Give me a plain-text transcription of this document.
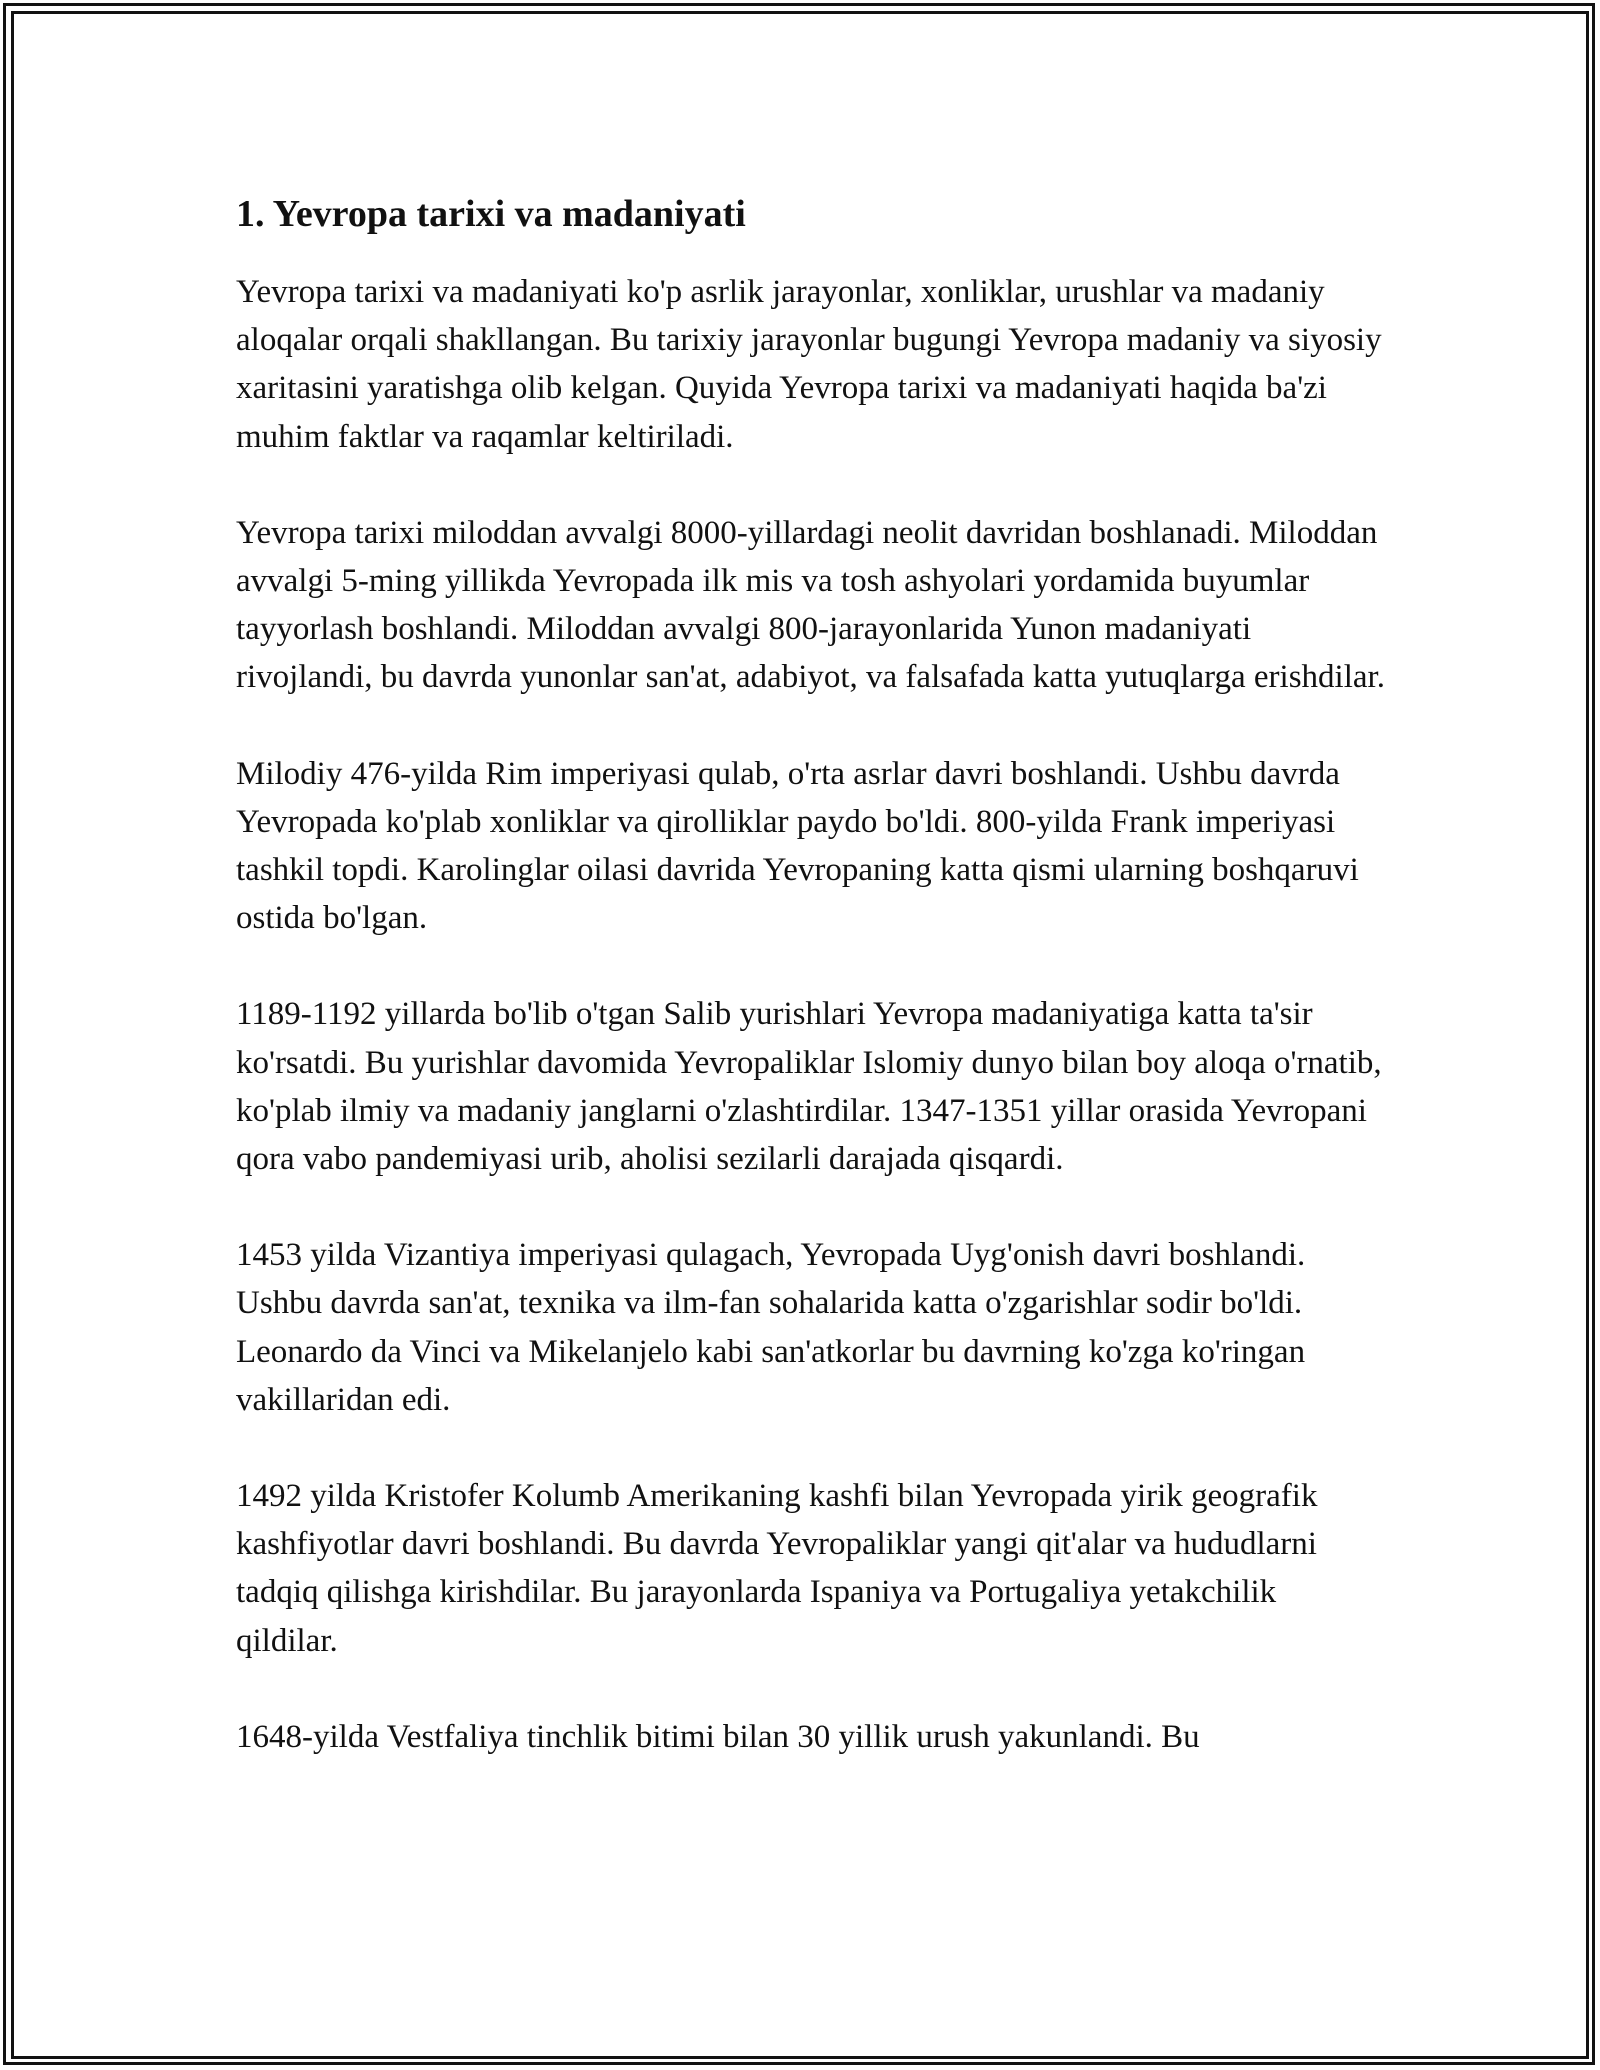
1. Yevropa tarixi va madaniyati

Yevropa tarixi va madaniyati ko'p asrlik jarayonlar, xonliklar, urushlar va madaniy aloqalar orqali shakllangan. Bu tarixiy jarayonlar bugungi Yevropa madaniy va siyosiy xaritasini yaratishga olib kelgan. Quyida Yevropa tarixi va madaniyati haqida ba'zi muhim faktlar va raqamlar keltiriladi.

Yevropa tarixi miloddan avvalgi 8000-yillardagi neolit davridan boshlanadi. Miloddan avvalgi 5-ming yillikda Yevropada ilk mis va tosh ashyolari yordamida buyumlar tayyorlash boshlandi. Miloddan avvalgi 800-jarayonlarida Yunon madaniyati rivojlandi, bu davrda yunonlar san'at, adabiyot, va falsafada katta yutuqlarga erishdilar.

Milodiy 476-yilda Rim imperiyasi qulab, o'rta asrlar davri boshlandi. Ushbu davrda Yevropada ko'plab xonliklar va qirolliklar paydo bo'ldi. 800-yilda Frank imperiyasi tashkil topdi. Karolinglar oilasi davrida Yevropaning katta qismi ularning boshqaruvi ostida bo'lgan.

1189-1192 yillarda bo'lib o'tgan Salib yurishlari Yevropa madaniyatiga katta ta'sir ko'rsatdi. Bu yurishlar davomida Yevropaliklar Islomiy dunyo bilan boy aloqa o'rnatib, ko'plab ilmiy va madaniy janglarni o'zlashtirdilar. 1347-1351 yillar orasida Yevropani qora vabo pandemiyasi urib, aholisi sezilarli darajada qisqardi.

1453 yilda Vizantiya imperiyasi qulagach, Yevropada Uyg'onish davri boshlandi. Ushbu davrda san'at, texnika va ilm-fan sohalarida katta o'zgarishlar sodir bo'ldi. Leonardo da Vinci va Mikelanjelo kabi san'atkorlar bu davrning ko'zga ko'ringan vakillaridan edi.

1492 yilda Kristofer Kolumb Amerikaning kashfi bilan Yevropada yirik geografik kashfiyotlar davri boshlandi. Bu davrda Yevropaliklar yangi qit'alar va hududlarni tadqiq qilishga kirishdilar. Bu jarayonlarda Ispaniya va Portugaliya yetakchilik qildilar.

1648-yilda Vestfaliya tinchlik bitimi bilan 30 yillik urush yakunlandi. Bu
